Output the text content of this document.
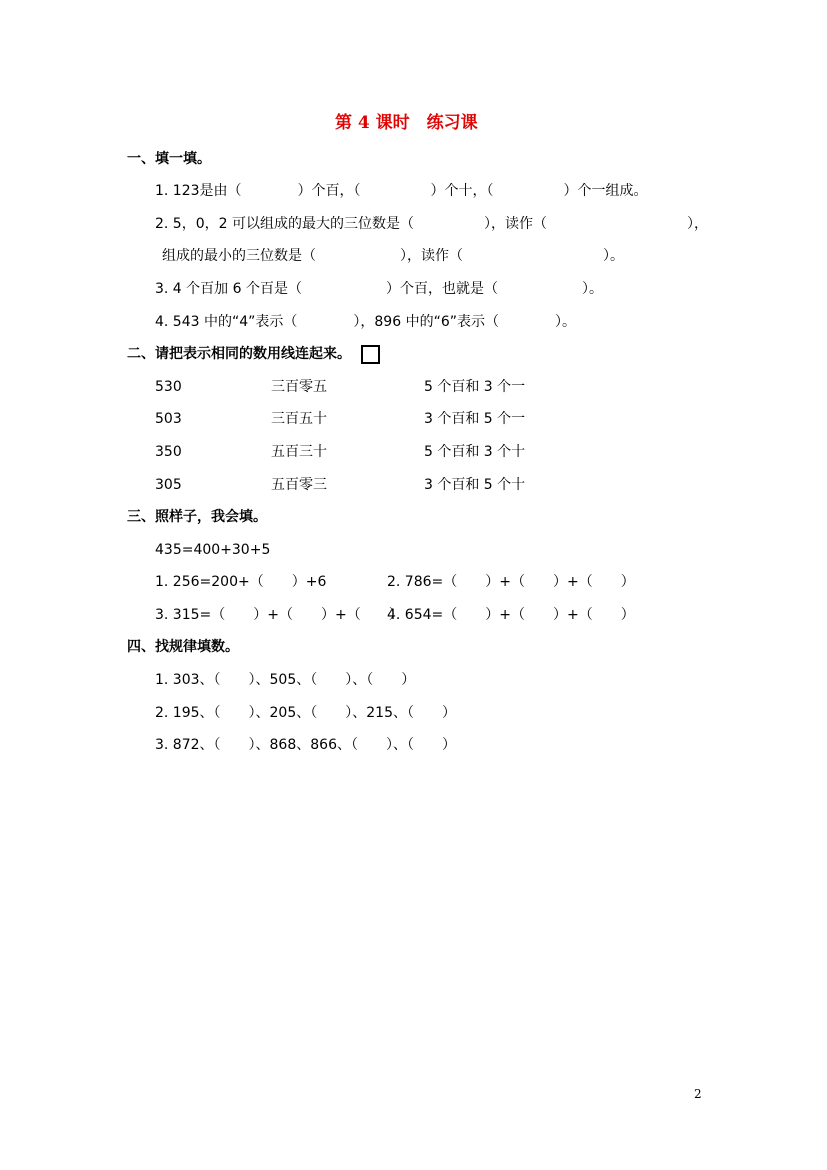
第 4 课时　练习课
一、填一填。
1. 123是由（　　　　）个百，（　　　　　）个十，（　　　　　）个一组成。
2. 5，0，2 可以组成的最大的三位数是（　　　　　），读作（　　　　　　　　　　），
组成的最小的三位数是（　　　　　　），读作（　　　　　　　　　　）。
3. 4 个百加 6 个百是（　　　　　　）个百，也就是（　　　　　　）。
4. 543 中的“4”表示（　　　　），896 中的“6”表示（　　　　）。
二、请把表示相同的数用线连起来。
530	三百零五	5 个百和 3 个一
503	三百五十	3 个百和 5 个一
350	五百三十	5 个百和 3 个十
305	五百零三	3 个百和 5 个十
三、照样子，我会填。
435=400+30+5
1. 256=200+（　　）+6	2. 786=（　　）+（　　）+（　　）
3. 315=（　　）+（　　）+（　　）
4. 654=（　　）+（　　）+（　　）
四、找规律填数。
1. 303、（　　）、505、（　　）、（　　）
2. 195、（　　）、205、（　　）、215、（　　）
3. 872、（　　）、868、866、（　　）、（　　）
2
